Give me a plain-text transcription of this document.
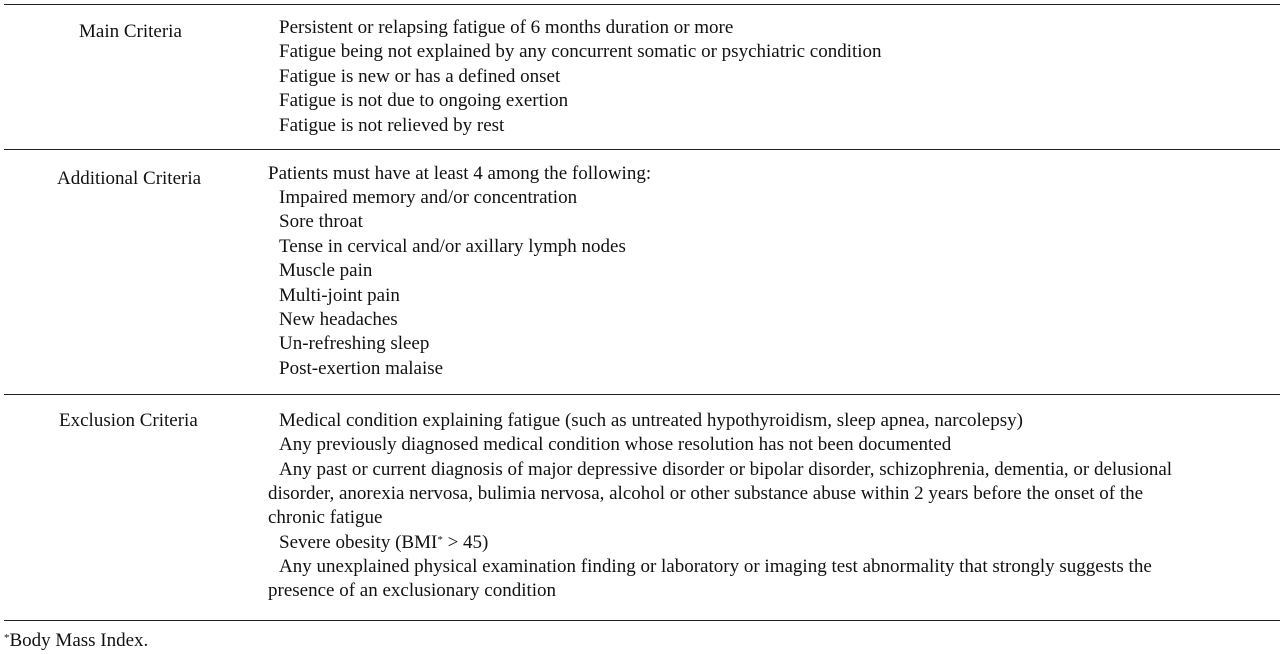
Main Criteria	Persistent or relapsing fatigue of 6 months duration or more
Fatigue being not explained by any concurrent somatic or psychiatric condition
Fatigue is new or has a defined onset
Fatigue is not due to ongoing exertion
Fatigue is not relieved by rest
Additional Criteria	Patients must have at least 4 among the following:
Impaired memory and/or concentration
Sore throat
Tense in cervical and/or axillary lymph nodes
Muscle pain
Multi-joint pain
New headaches
Un-refreshing sleep
Post-exertion malaise
Exclusion Criteria	Medical condition explaining fatigue (such as untreated hypothyroidism, sleep apnea, narcolepsy)
Any previously diagnosed medical condition whose resolution has not been documented
Any past or current diagnosis of major depressive disorder or bipolar disorder, schizophrenia, dementia, or delusional
disorder, anorexia nervosa, bulimia nervosa, alcohol or other substance abuse within 2 years before the onset of the
chronic fatigue
Severe obesity (BMI* > 45)
Any unexplained physical examination finding or laboratory or imaging test abnormality that strongly suggests the
presence of an exclusionary condition
*Body Mass Index.
